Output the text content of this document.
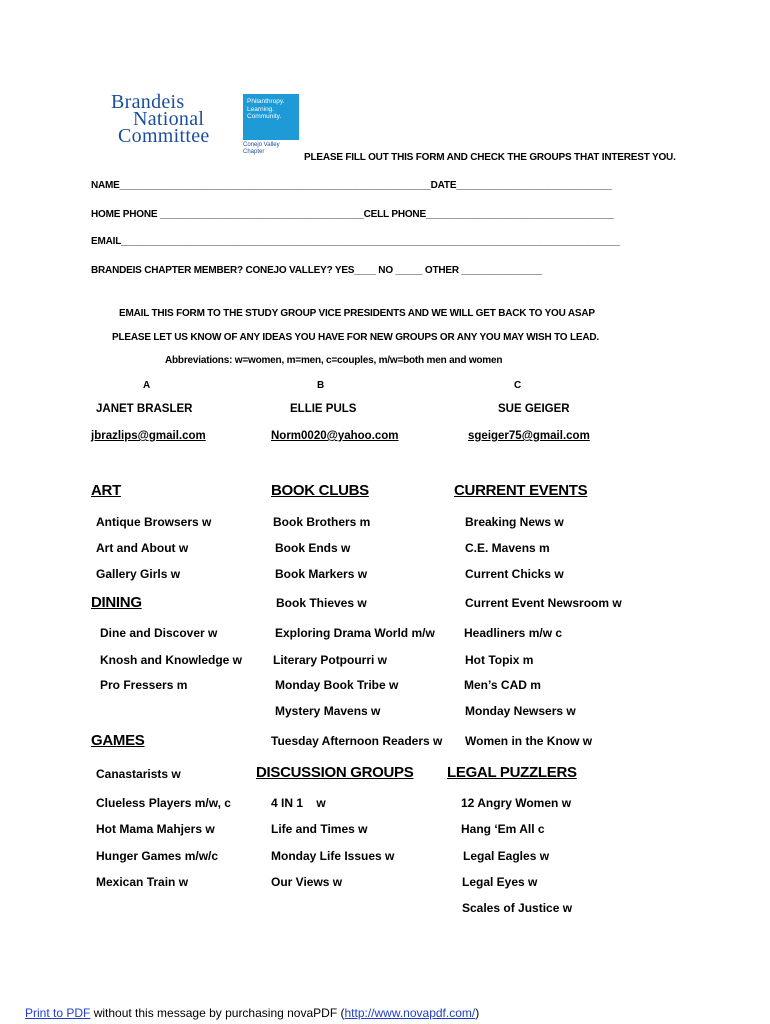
Brandeis
National
Committee
Philanthropy.
Learning.
Community.
Conejo Valley
Chapter	PLEASE FILL OUT THIS FORM AND CHECK THE GROUPS THAT INTEREST YOU.
NAME__________________________________________________________DATE_____________________________
HOME PHONE ______________________________________CELL PHONE___________________________________
EMAIL_____________________________________________________________________________________________
BRANDEIS CHAPTER MEMBER? CONEJO VALLEY? YES____ NO _____ OTHER _______________
EMAIL THIS FORM TO THE STUDY GROUP VICE PRESIDENTS AND WE WILL GET BACK TO YOU ASAP
PLEASE LET US KNOW OF ANY IDEAS YOU HAVE FOR NEW GROUPS OR ANY YOU MAY WISH TO LEAD.
Abbreviations: w=women, m=men, c=couples, m/w=both men and women
A	B	C
JANET BRASLER	ELLIE PULS	SUE GEIGER
jbrazlips@gmail.com	Norm0020@yahoo.com	sgeiger75@gmail.com
ART
Antique Browsers w
Art and About w
Gallery Girls w
DINING
Dine and Discover w
Knosh and Knowledge w
Pro Fressers m
GAMES
Canastarists w
Clueless Players m/w, c
Hot Mama Mahjers w
Hunger Games m/w/c
Mexican Train w
BOOK CLUBS
Book Brothers m
Book Ends w
Book Markers w
Book Thieves w
Exploring Drama World m/w
Literary Potpourri w
Monday Book Tribe w
Mystery Mavens w
Tuesday Afternoon Readers w
DISCUSSION GROUPS
4 IN 1    w
Life and Times w
Monday Life Issues w
Our Views w
CURRENT EVENTS
Breaking News w
C.E. Mavens m
Current Chicks w
Current Event Newsroom w
Headliners m/w c
Hot Topix m
Men’s CAD m
Monday Newsers w
Women in the Know w
LEGAL PUZZLERS
12 Angry Women w
Hang ‘Em All c
Legal Eagles w
Legal Eyes w
Scales of Justice w
Print to PDF without this message by purchasing novaPDF (http://www.novapdf.com/)
